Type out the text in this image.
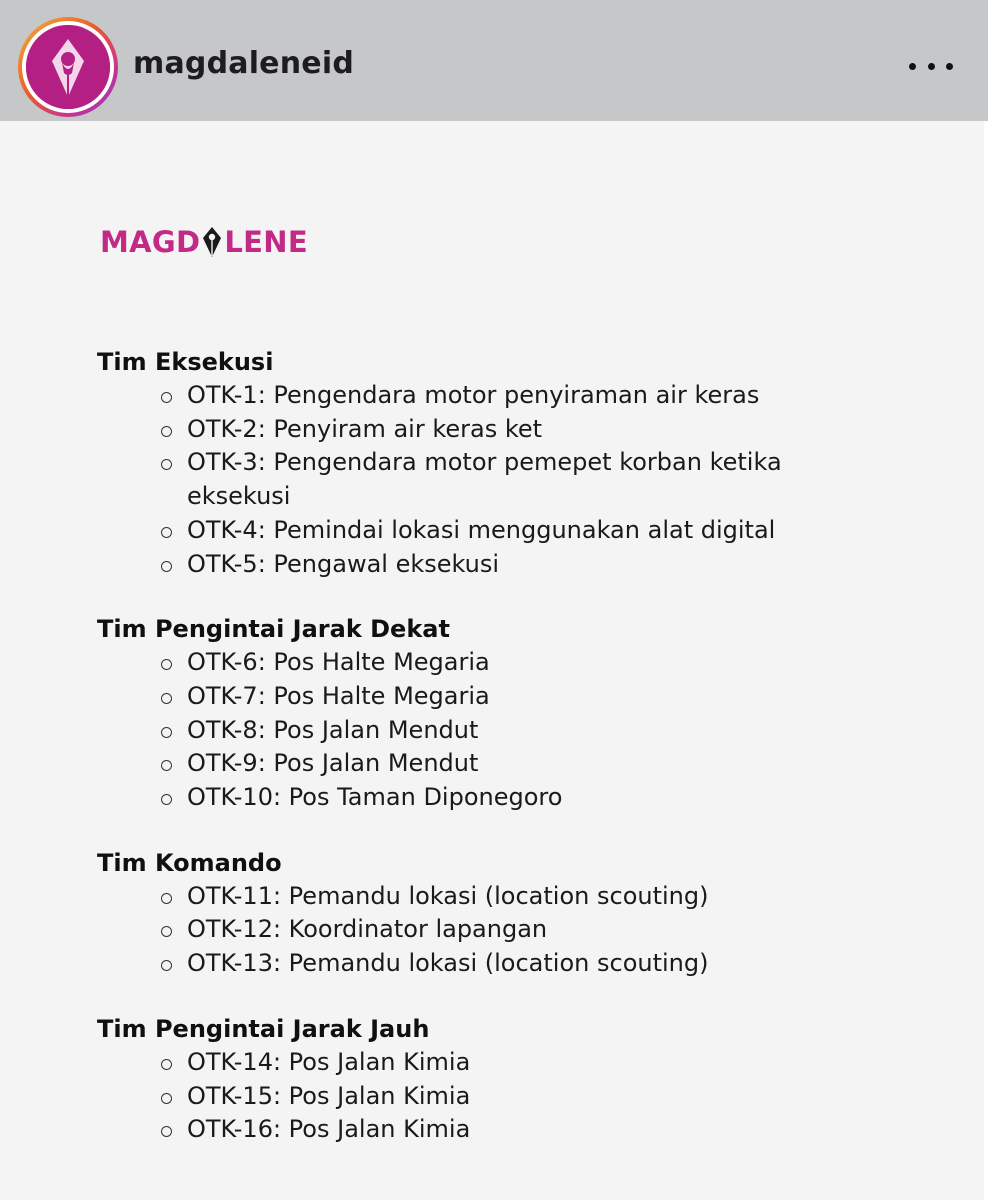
magdaleneid
MAGD LENE
Tim Eksekusi
OTK-1: Pengendara motor penyiraman air keras
OTK-2: Penyiram air keras ket
OTK-3: Pengendara motor pemepet korban ketika eksekusi
OTK-4: Pemindai lokasi menggunakan alat digital
OTK-5: Pengawal eksekusi
Tim Pengintai Jarak Dekat
OTK-6: Pos Halte Megaria
OTK-7: Pos Halte Megaria
OTK-8: Pos Jalan Mendut
OTK-9: Pos Jalan Mendut
OTK-10: Pos Taman Diponegoro
Tim Komando
OTK-11: Pemandu lokasi (location scouting)
OTK-12: Koordinator lapangan
OTK-13: Pemandu lokasi (location scouting)
Tim Pengintai Jarak Jauh
OTK-14: Pos Jalan Kimia
OTK-15: Pos Jalan Kimia
OTK-16: Pos Jalan Kimia
